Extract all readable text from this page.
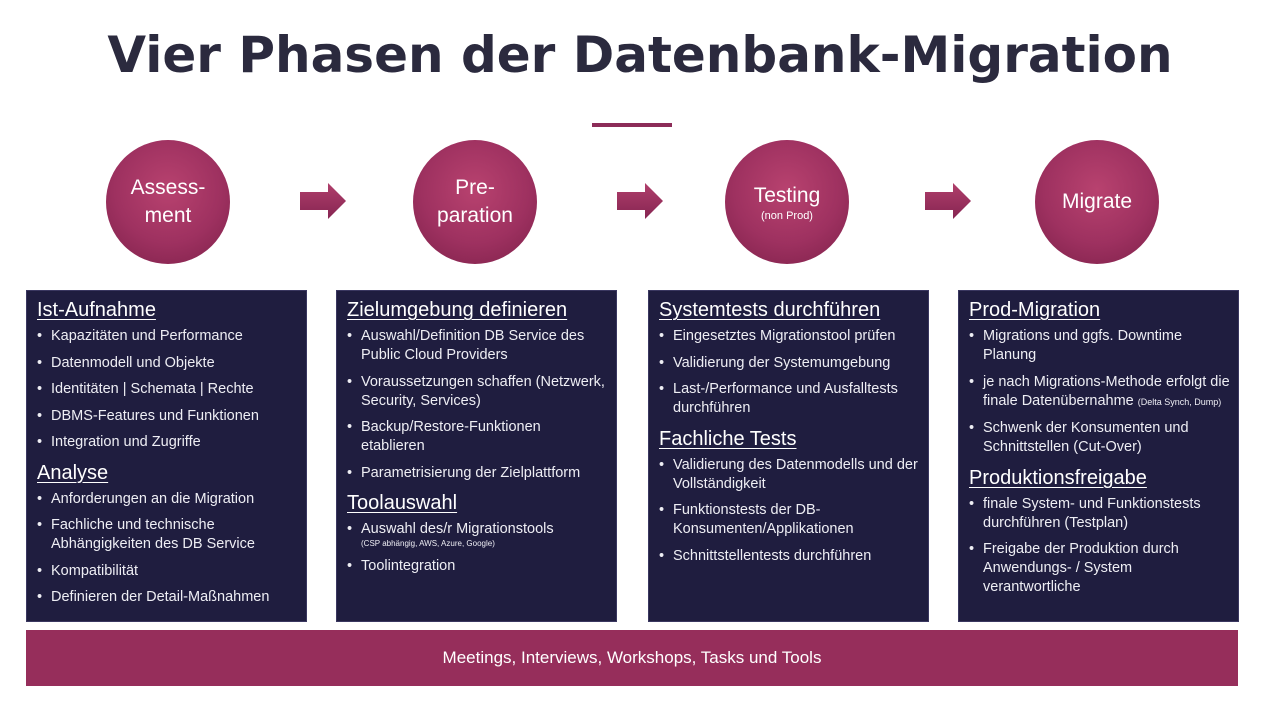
Vier Phasen der Datenbank-Migration
Assess-
ment
Pre-
paration
Testing
(non Prod)
Migrate
Ist-Aufnahme
• Kapazitäten und Performance
• Datenmodell und Objekte
• Identitäten | Schemata | Rechte
• DBMS-Features und Funktionen
• Integration und Zugriffe
Analyse
• Anforderungen an die Migration
• Fachliche und technische Abhängigkeiten des DB Service
• Kompatibilität
• Definieren der Detail-Maßnahmen
Zielumgebung definieren
• Auswahl/Definition DB Service des Public Cloud Providers
• Voraussetzungen schaffen (Netzwerk, Security, Services)
• Backup/Restore-Funktionen etablieren
• Parametrisierung der Zielplattform
Toolauswahl
• Auswahl des/r Migrationstools
(CSP abhängig, AWS, Azure, Google)
• Toolintegration
Systemtests durchführen
• Eingesetztes Migrationstool prüfen
• Validierung der Systemumgebung
• Last-/Performance und Ausfalltests durchführen
Fachliche Tests
• Validierung des Datenmodells und der Vollständigkeit
• Funktionstests der DB-Konsumenten/Applikationen
• Schnittstellentests durchführen
Prod-Migration
• Migrations und ggfs. Downtime Planung
• je nach Migrations-Methode erfolgt die finale Datenübernahme (Delta Synch, Dump)
• Schwenk der Konsumenten und Schnittstellen (Cut-Over)
Produktionsfreigabe
• finale System- und Funktionstests durchführen (Testplan)
• Freigabe der Produktion durch Anwendungs- / System verantwortliche
Meetings, Interviews, Workshops, Tasks und Tools
